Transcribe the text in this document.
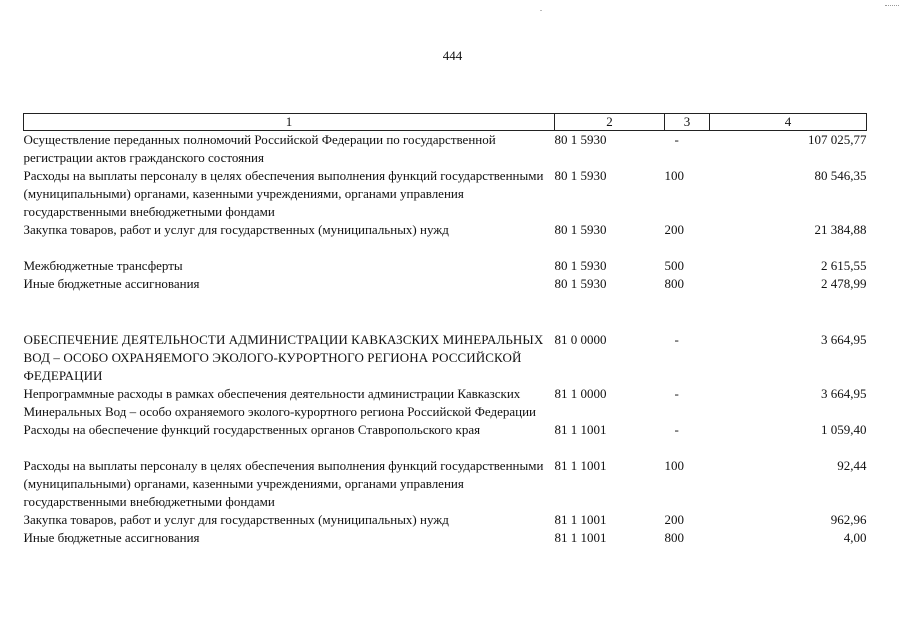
444
1	2	3	4
Осуществление переданных полномочий Российской Федерации по государственной регистрации актов гражданского состояния	80 1 5930	-	107 025,77
Расходы на выплаты персоналу в целях обеспечения выполнения функций государственными (муниципальными) органами, казенными учреждениями, органами управления государственными внебюджетными фондами	80 1 5930	100	80 546,35
Закупка товаров, работ и услуг для государственных (муниципальных) нужд	80 1 5930	200	21 384,88

Межбюджетные трансферты	80 1 5930	500	2 615,55
Иные бюджетные ассигнования	80 1 5930	800	2 478,99

ОБЕСПЕЧЕНИЕ ДЕЯТЕЛЬНОСТИ АДМИНИСТРАЦИИ КАВКАЗСКИХ МИНЕРАЛЬНЫХ ВОД – ОСОБО ОХРАНЯЕМОГО ЭКОЛОГО-КУРОРТНОГО РЕГИОНА РОССИЙСКОЙ ФЕДЕРАЦИИ	81 0 0000	-	3 664,95
Непрограммные расходы в рамках обеспечения деятельности администрации Кавказских Минеральных Вод – особо охраняемого эколого-курортного региона Российской Федерации	81 1 0000	-	3 664,95
Расходы на обеспечение функций государственных органов Ставропольского края	81 1 1001	-	1 059,40

Расходы на выплаты персоналу в целях обеспечения выполнения функций государственными (муниципальными) органами, казенными учреждениями, органами управления государственными внебюджетными фондами	81 1 1001	100	92,44
Закупка товаров, работ и услуг для государственных (муниципальных) нужд	81 1 1001	200	962,96
Иные бюджетные ассигнования	81 1 1001	800	4,00
